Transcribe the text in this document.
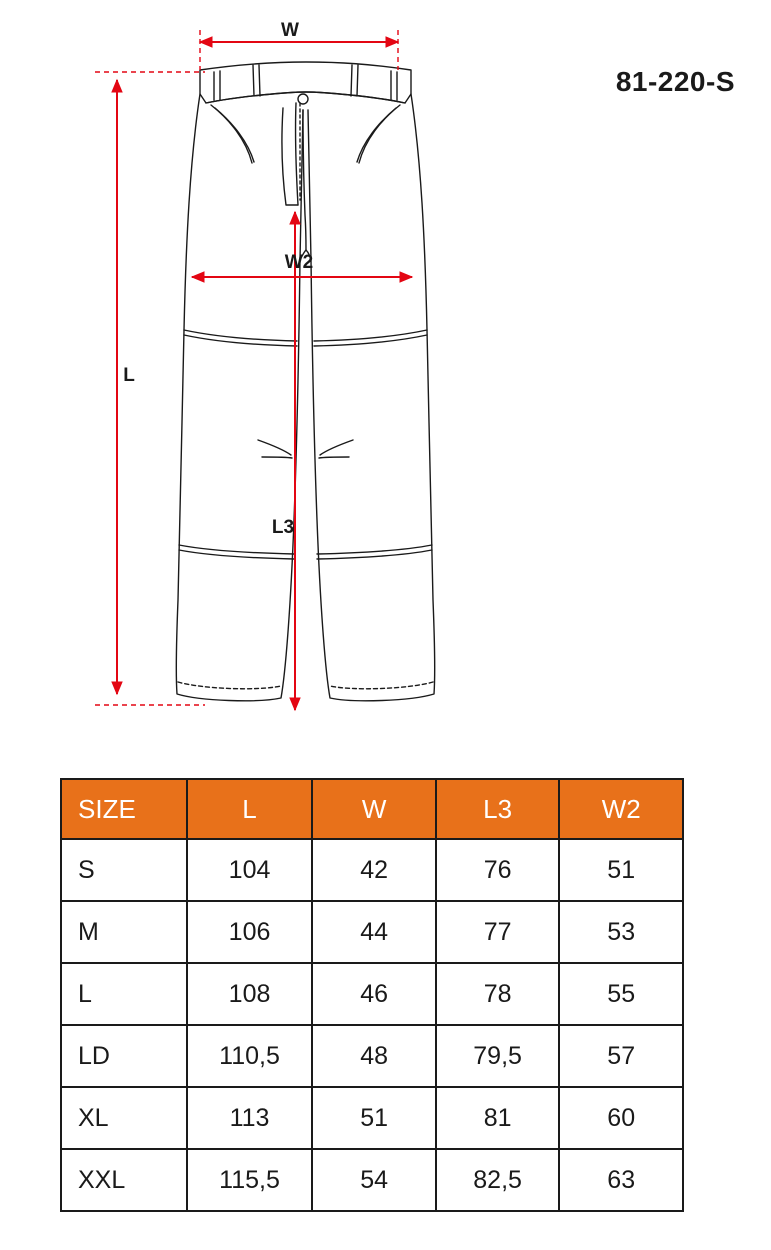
81-220-S
W
W2
L
L3
SIZE	L	W	L3	W2
S	104	42	76	51
M	106	44	77	53
L	108	46	78	55
LD	110,5	48	79,5	57
XL	113	51	81	60
XXL	115,5	54	82,5	63
